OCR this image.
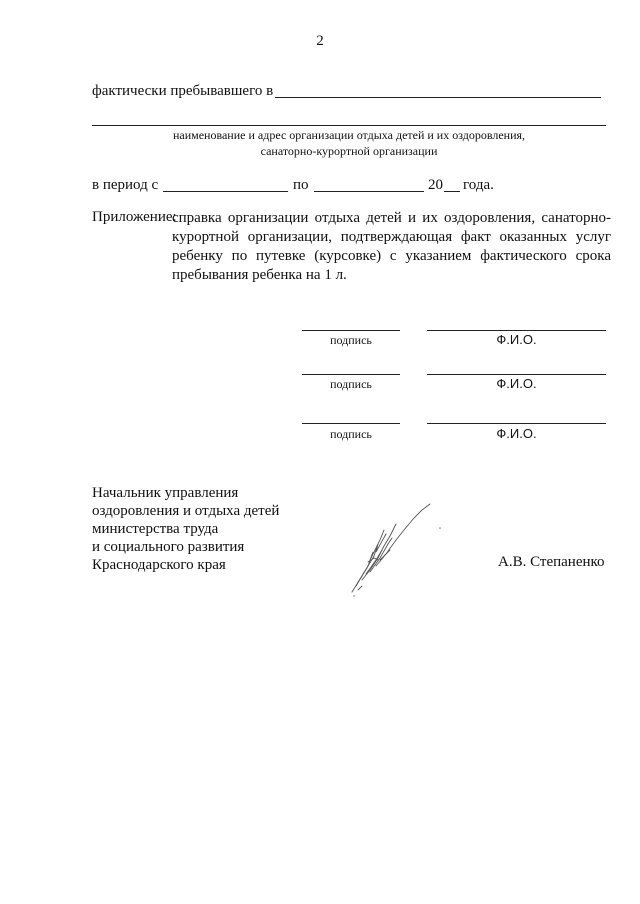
2
фактически пребывавшего в
наименование и адрес организации отдыха детей и их оздоровления,
санаторно-курортной организации
в период с	по	20 года.
Приложение:
справка организации отдыха детей и их оздоровления, санаторно-курортной организации, подтверждающая факт оказанных услуг ребенку по путевке (курсовке) с указанием фактического срока пребывания ребенка на 1 л.
подпись	Ф.И.О.
подпись	Ф.И.О.
подпись	Ф.И.О.
Начальник управления
оздоровления и отдыха детей
министерства труда
и социального развития
Краснодарского края	А.В. Степаненко
